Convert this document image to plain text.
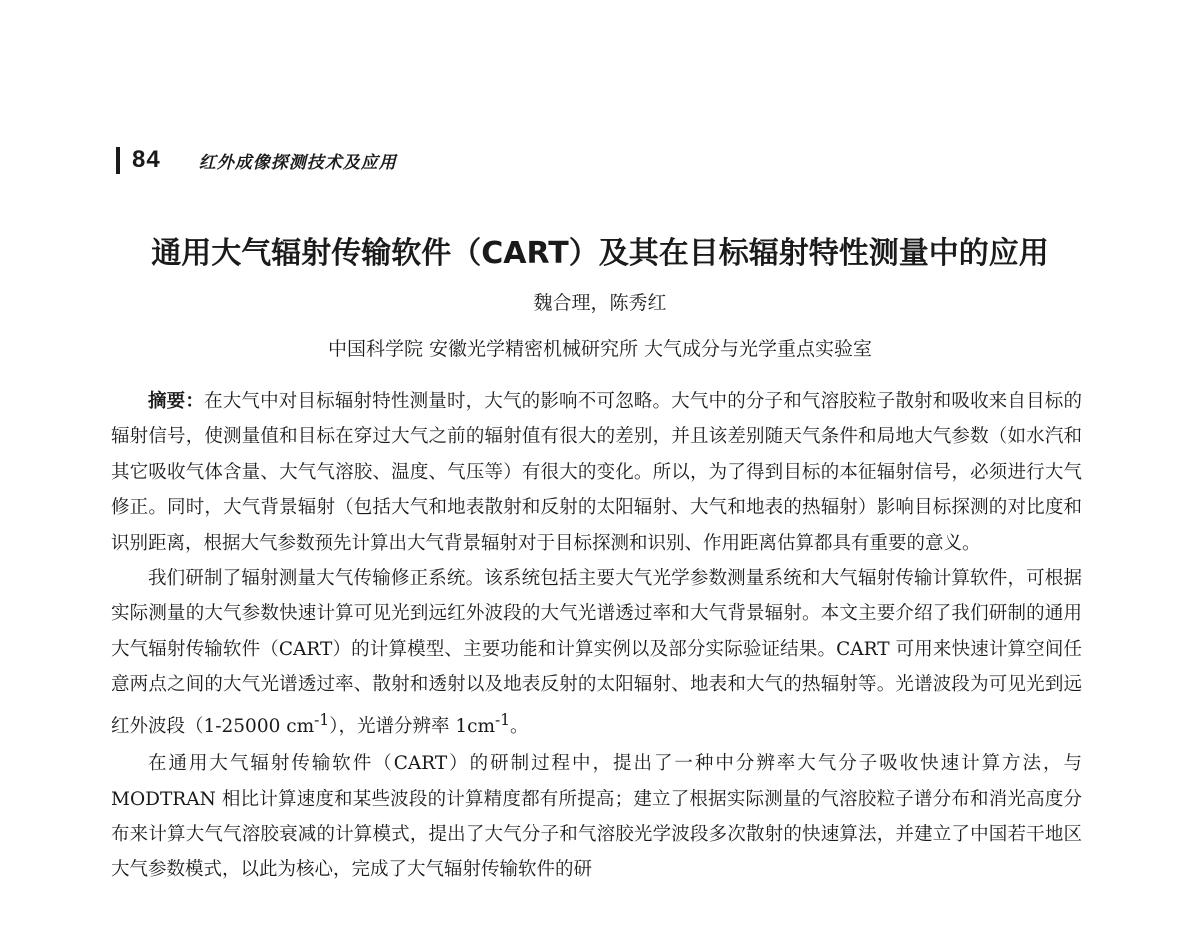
84 红外成像探测技术及应用
通用大气辐射传输软件（CART）及其在目标辐射特性测量中的应用
魏合理，陈秀红
中国科学院 安徽光学精密机械研究所 大气成分与光学重点实验室

摘要：在大气中对目标辐射特性测量时，大气的影响不可忽略。大气中的分子和气溶胶粒子散射和吸收来自目标的辐射信号，使测量值和目标在穿过大气之前的辐射值有很大的差别，并且该差别随天气条件和局地大气参数（如水汽和其它吸收气体含量、大气气溶胶、温度、气压等）有很大的变化。所以，为了得到目标的本征辐射信号，必须进行大气修正。同时，大气背景辐射（包括大气和地表散射和反射的太阳辐射、大气和地表的热辐射）影响目标探测的对比度和识别距离，根据大气参数预先计算出大气背景辐射对于目标探测和识别、作用距离估算都具有重要的意义。

我们研制了辐射测量大气传输修正系统。该系统包括主要大气光学参数测量系统和大气辐射传输计算软件，可根据实际测量的大气参数快速计算可见光到远红外波段的大气光谱透过率和大气背景辐射。本文主要介绍了我们研制的通用大气辐射传输软件（CART）的计算模型、主要功能和计算实例以及部分实际验证结果。CART 可用来快速计算空间任意两点之间的大气光谱透过率、散射和透射以及地表反射的太阳辐射、地表和大气的热辐射等。光谱波段为可见光到远红外波段（1-25000 $cm^{-1}$），光谱分辨率 $1cm^{-1}$。

在通用大气辐射传输软件（CART）的研制过程中，提出了一种中分辨率大气分子吸收快速计算方法，与 MODTRAN 相比计算速度和某些波段的计算精度都有所提高；建立了根据实际测量的气溶胶粒子谱分布和消光高度分布来计算大气气溶胶衰减的计算模式，提出了大气分子和气溶胶光学波段多次散射的快速算法，并建立了中国若干地区大气参数模式，以此为核心，完成了大气辐射传输软件的研
